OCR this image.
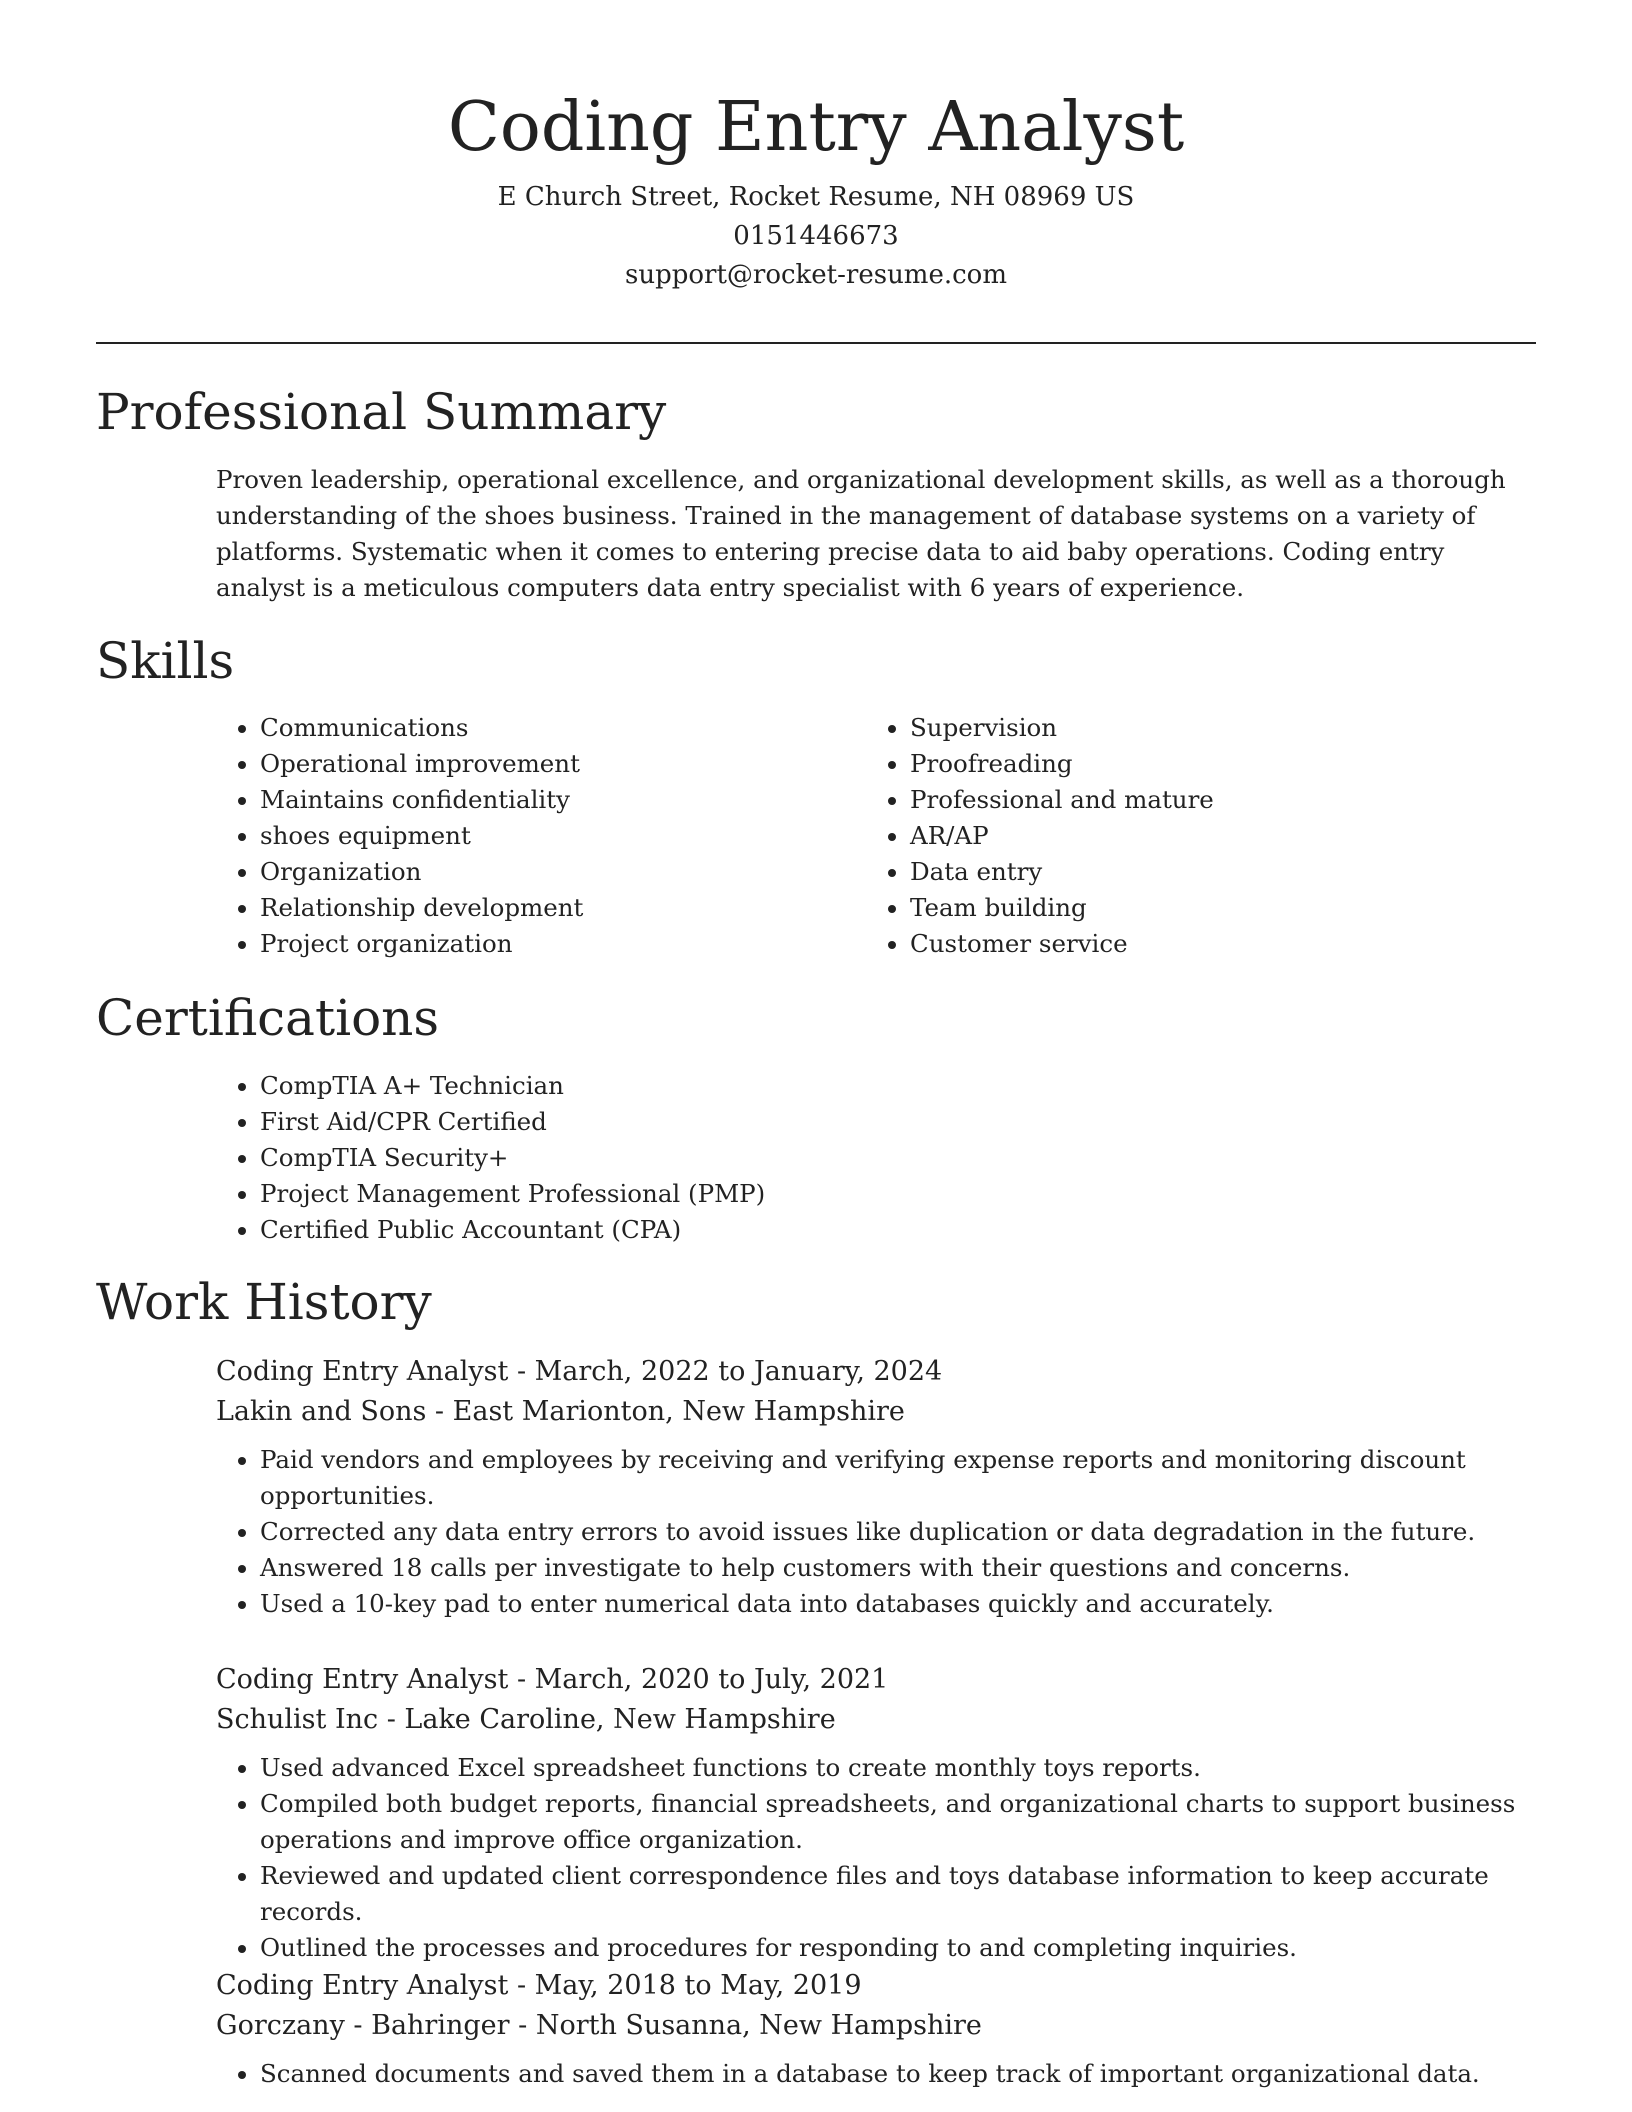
Coding Entry Analyst
E Church Street, Rocket Resume, NH 08969 US
0151446673
support@rocket-resume.com
Professional Summary

Proven leadership, operational excellence, and organizational development skills, as well as a thorough understanding of the shoes business. Trained in the management of database systems on a variety of platforms. Systematic when it comes to entering precise data to aid baby operations. Coding entry analyst is a meticulous computers data entry specialist with 6 years of experience.

Skills
• Communications
• Operational improvement
• Maintains confidentiality
• shoes equipment
• Organization
• Relationship development
• Project organization
• Supervision
• Proofreading
• Professional and mature
• AR/AP
• Data entry
• Team building
• Customer service
Certifications
• CompTIA A+ Technician
• First Aid/CPR Certified
• CompTIA Security+
• Project Management Professional (PMP)
• Certified Public Accountant (CPA)
Work History

Coding Entry Analyst - March, 2022 to January, 2024

Lakin and Sons - East Marionton, New Hampshire

• Paid vendors and employees by receiving and verifying expense reports and monitoring discount opportunities.
• Corrected any data entry errors to avoid issues like duplication or data degradation in the future.
• Answered 18 calls per investigate to help customers with their questions and concerns.
• Used a 10-key pad to enter numerical data into databases quickly and accurately.

Coding Entry Analyst - March, 2020 to July, 2021

Schulist Inc - Lake Caroline, New Hampshire

• Used advanced Excel spreadsheet functions to create monthly toys reports.
• Compiled both budget reports, financial spreadsheets, and organizational charts to support business operations and improve office organization.
• Reviewed and updated client correspondence files and toys database information to keep accurate records.
• Outlined the processes and procedures for responding to and completing inquiries.

Coding Entry Analyst - May, 2018 to May, 2019

Gorczany - Bahringer - North Susanna, New Hampshire

• Scanned documents and saved them in a database to keep track of important organizational data.
